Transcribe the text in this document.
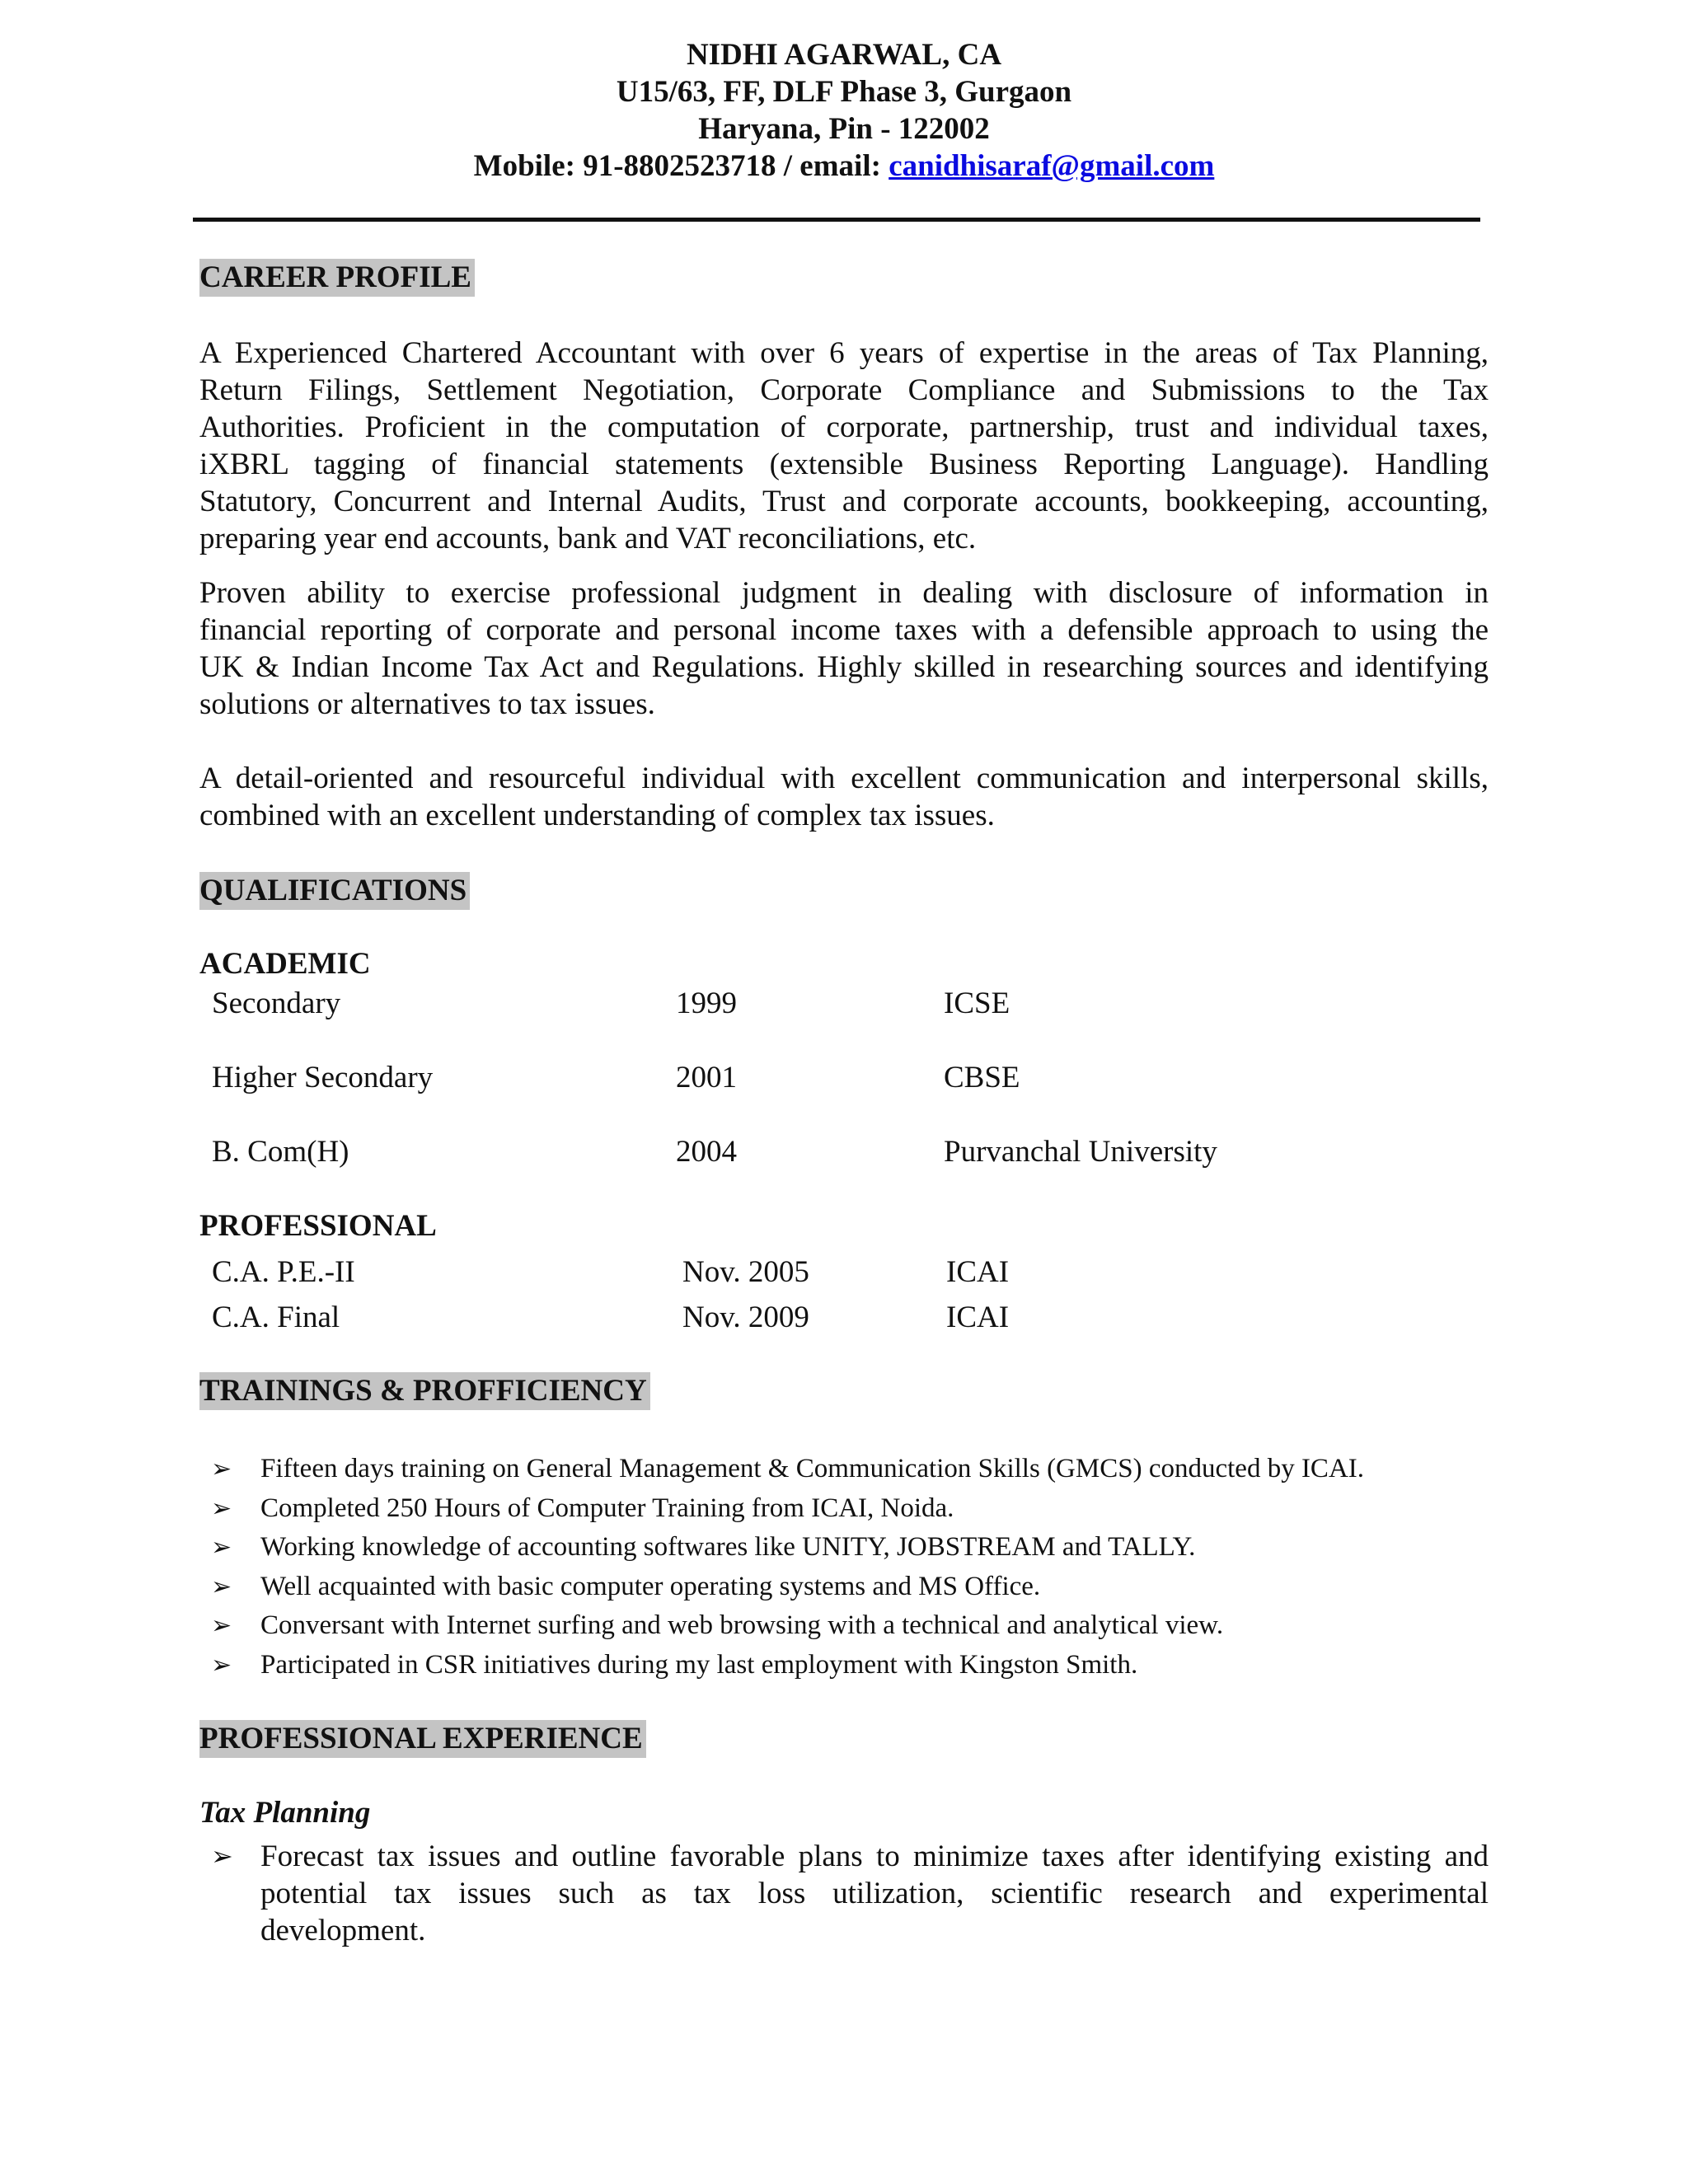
NIDHI AGARWAL, CA
U15/63, FF, DLF Phase 3, Gurgaon
Haryana, Pin - 122002
Mobile: 91-8802523718 / email: canidhisaraf@gmail.com
CAREER PROFILE
A Experienced Chartered Accountant with over 6 years of expertise in the areas of Tax Planning,
Return Filings, Settlement Negotiation, Corporate Compliance and Submissions to the Tax
Authorities. Proficient in the computation of corporate, partnership, trust and individual taxes,
iXBRL tagging of financial statements (extensible Business Reporting Language). Handling
Statutory, Concurrent and Internal Audits, Trust and corporate accounts, bookkeeping, accounting,
preparing year end accounts, bank and VAT reconciliations, etc.
Proven ability to exercise professional judgment in dealing with disclosure of information in
financial reporting of corporate and personal income taxes with a defensible approach to using the
UK & Indian Income Tax Act and Regulations. Highly skilled in researching sources and identifying
solutions or alternatives to tax issues.
A detail-oriented and resourceful individual with excellent communication and interpersonal skills,
combined with an excellent understanding of complex tax issues.
QUALIFICATIONS
ACADEMIC
Secondary	1999	ICSE
Higher Secondary	2001	CBSE
B. Com(H)	2004	Purvanchal University
PROFESSIONAL
C.A. P.E.-II	Nov. 2005	ICAI
C.A. Final	Nov. 2009	ICAI
TRAININGS & PROFFICIENCY
➢ Fifteen days training on General Management & Communication Skills (GMCS) conducted by ICAI.
➢ Completed 250 Hours of Computer Training from ICAI, Noida.
➢ Working knowledge of accounting softwares like UNITY, JOBSTREAM and TALLY.
➢ Well acquainted with basic computer operating systems and MS Office.
➢ Conversant with Internet surfing and web browsing with a technical and analytical view.
➢ Participated in CSR initiatives during my last employment with Kingston Smith.
PROFESSIONAL EXPERIENCE
Tax Planning
➢ Forecast tax issues and outline favorable plans to minimize taxes after identifying existing and
potential tax issues such as tax loss utilization, scientific research and experimental
development.
